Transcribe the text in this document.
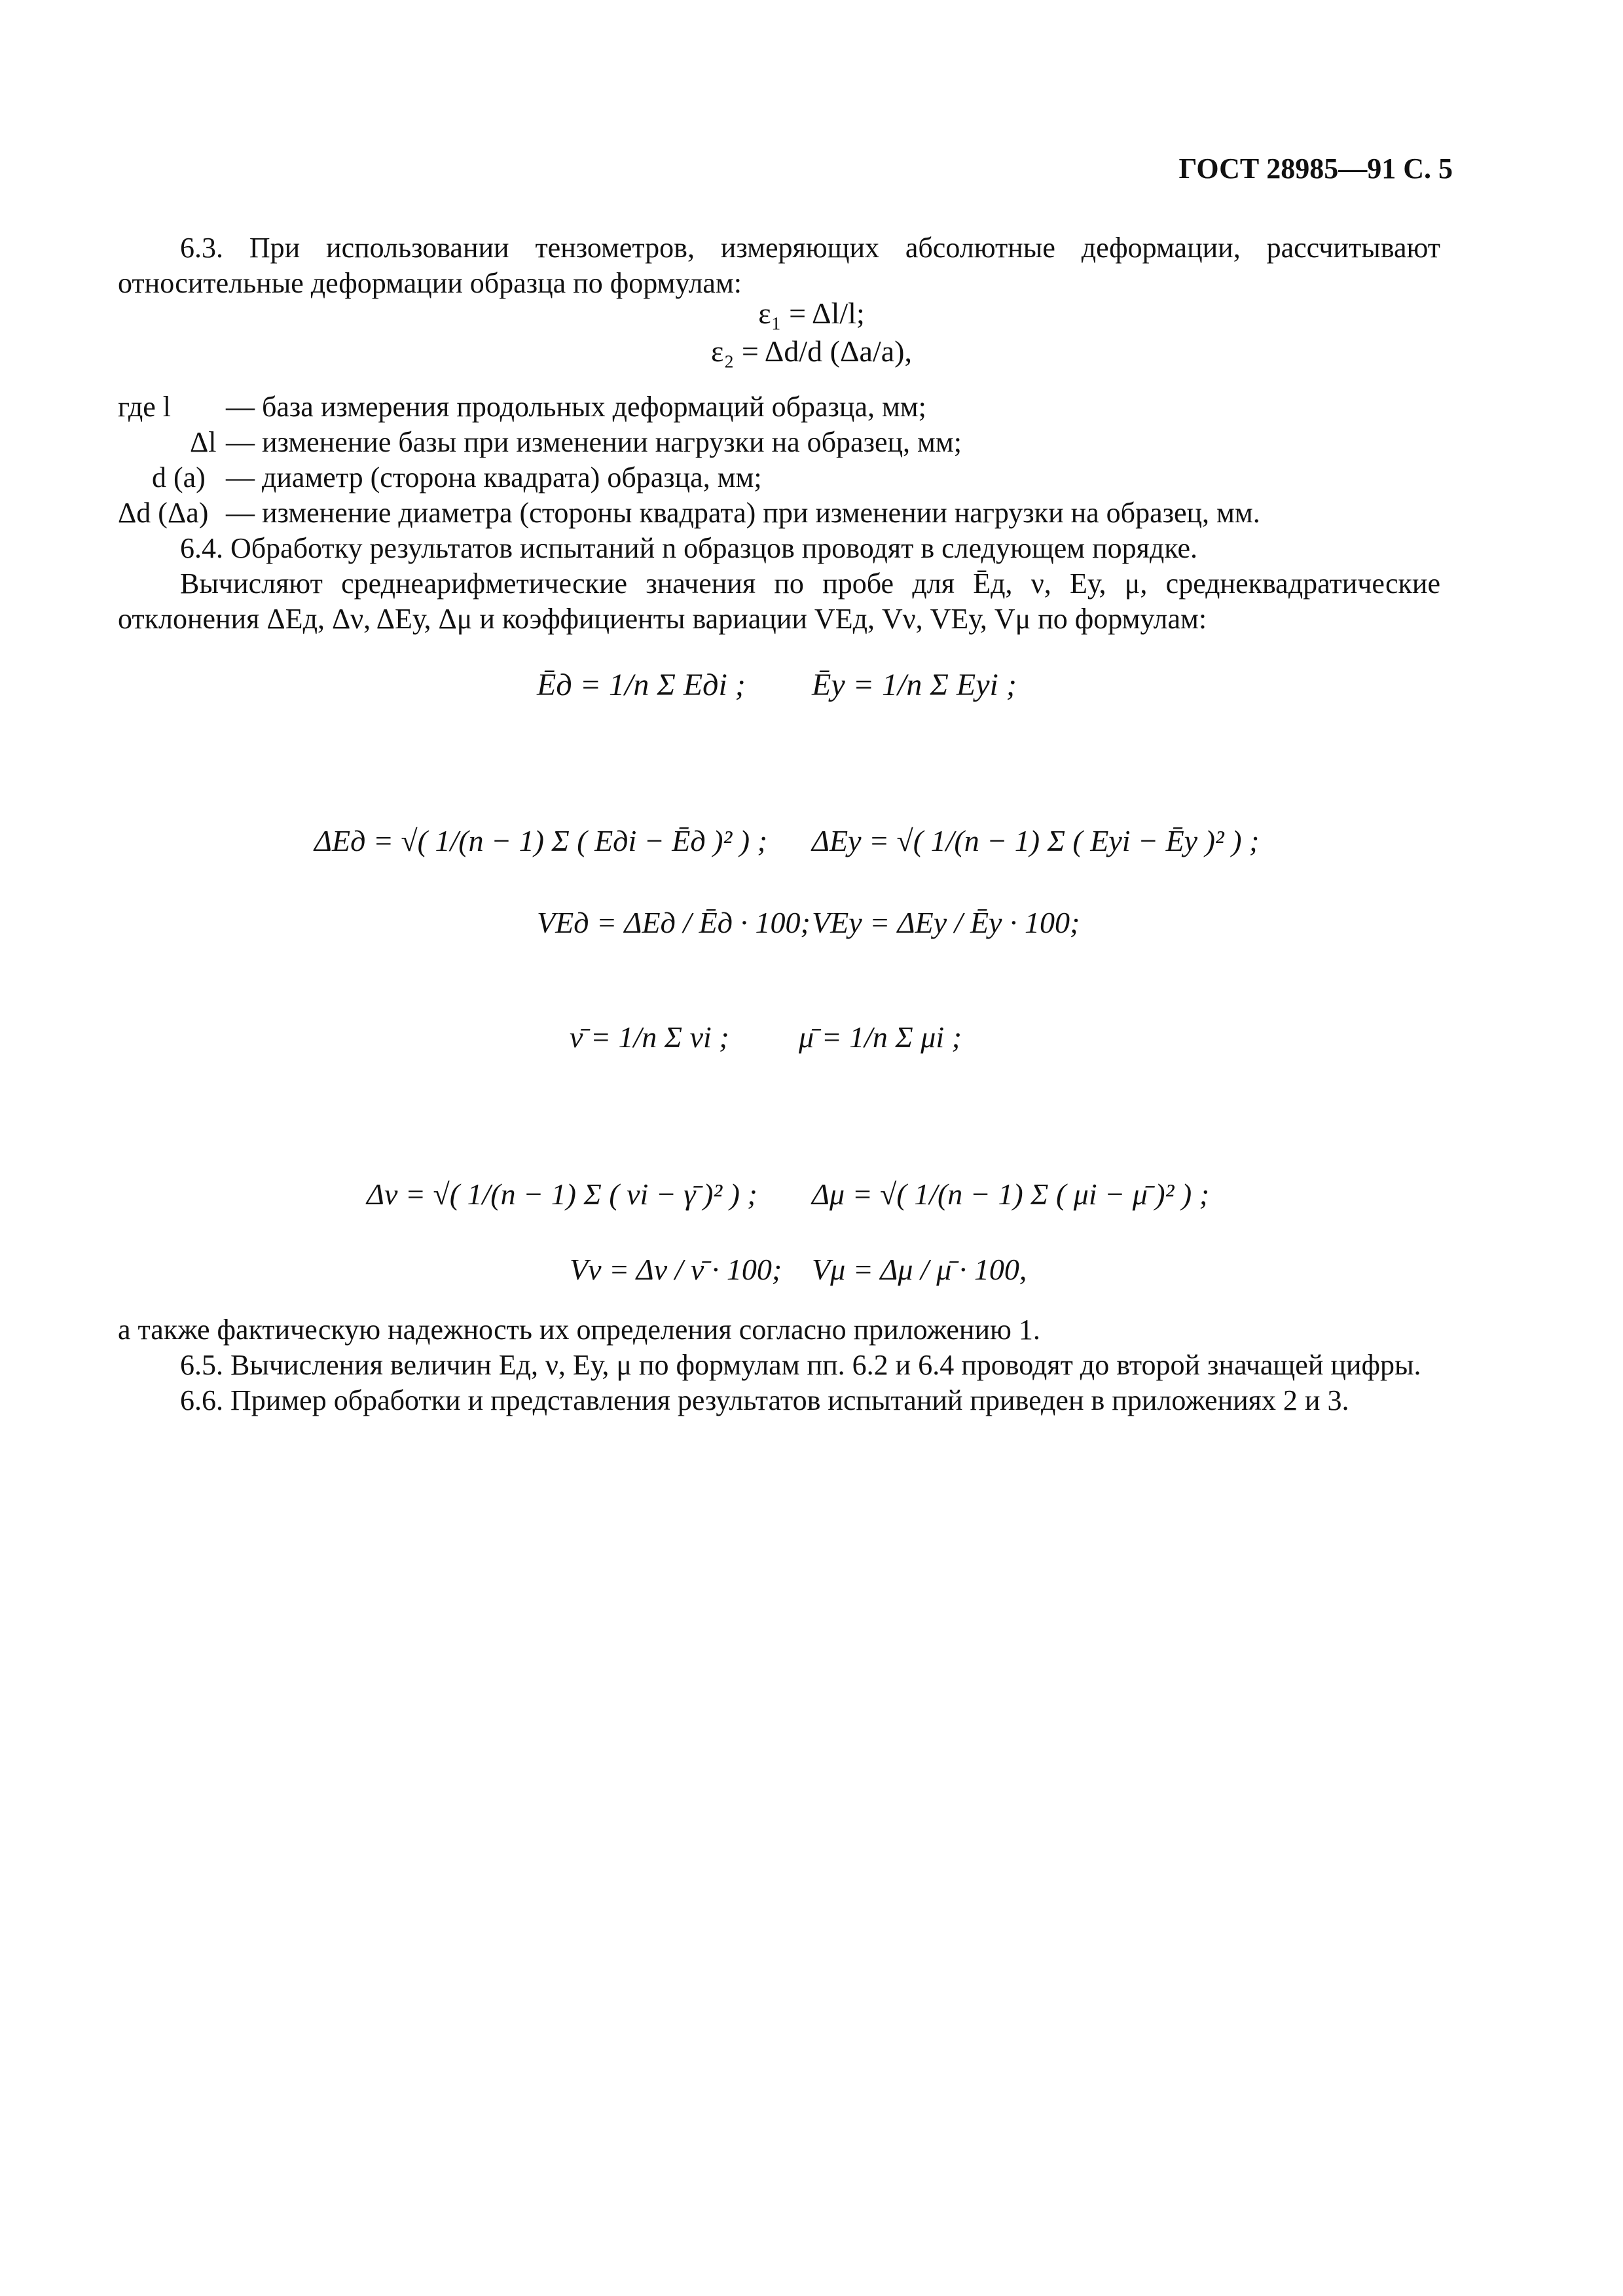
ГОСТ 28985—91 С. 5

6.3. При использовании тензометров, измеряющих абсолютные деформации, рассчитывают относительные деформации образца по формулам:

ε₁ = Δl/l;
ε₂ = Δd/d (Δa/a),
где l — база измерения продольных деформаций образца, мм;
Δl — изменение базы при изменении нагрузки на образец, мм;
d (a) — диаметр (сторона квадрата) образца, мм;
Δd (Δa) — изменение диаметра (стороны квадрата) при изменении нагрузки на образец, мм.

6.4. Обработку результатов испытаний n образцов проводят в следующем порядке.

Вычисляют среднеарифметические значения по пробе для Ēд, ν, Eу, μ, среднеквадратические отклонения ΔEд, Δν, ΔEу, Δμ и коэффициенты вариации VEд, Vν, VEу, Vμ по формулам:

Ēд = 1/n Σ Eдi ; Ēу = 1/n Σ Eуi ;
ΔEд = √( 1/(n − 1) Σ ( Eдi − Ēд )² ) ; ΔEу = √( 1/(n − 1) Σ ( Eуi − Ēу )² ) ;
VEд = ΔEд / Ēд · 100; VEу = ΔEу / Ēу · 100;
ν̄ = 1/n Σ νi ; μ̄ = 1/n Σ μi ;
Δν = √( 1/(n − 1) Σ ( νi − γ̄ )² ) ; Δμ = √( 1/(n − 1) Σ ( μi − μ̄ )² ) ;
Vν = Δν / ν̄ · 100; Vμ = Δμ / μ̄ · 100,

а также фактическую надежность их определения согласно приложению 1.

6.5. Вычисления величин Eд, ν, Eу, μ по формулам пп. 6.2 и 6.4 проводят до второй значащей цифры.

6.6. Пример обработки и представления результатов испытаний приведен в приложениях 2 и 3.
